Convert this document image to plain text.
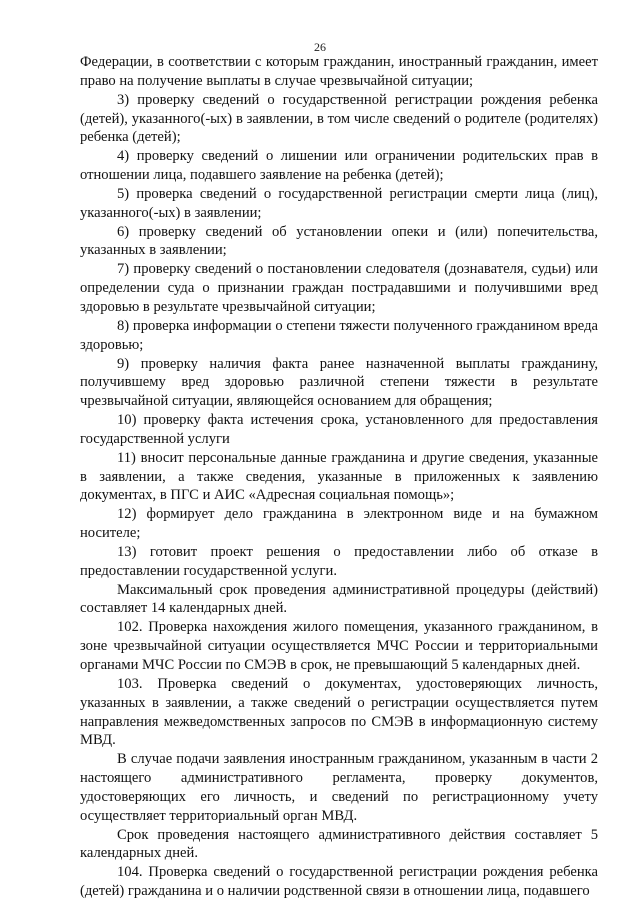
26

Федерации, в соответствии с которым гражданин, иностранный гражданин, имеет право на получение выплаты в случае чрезвычайной ситуации;

3) проверку сведений о государственной регистрации рождения ребенка (детей), указанного(-ых) в заявлении, в том числе сведений о родителе (родителях) ребенка (детей);

4) проверку сведений о лишении или ограничении родительских прав в отношении лица, подавшего заявление на ребенка (детей);

5) проверка сведений о государственной регистрации смерти лица (лиц), указанного(-ых) в заявлении;

6) проверку сведений об установлении опеки и (или) попечительства, указанных в заявлении;

7) проверку сведений о постановлении следователя (дознавателя, судьи) или определении суда о признании граждан пострадавшими и получившими вред здоровью в результате чрезвычайной ситуации;

8) проверка информации о степени тяжести полученного гражданином вреда здоровью;

9) проверку наличия факта ранее назначенной выплаты гражданину, получившему вред здоровью различной степени тяжести в результате чрезвычайной ситуации, являющейся основанием для обращения;

10) проверку факта истечения срока, установленного для предоставления государственной услуги

11) вносит персональные данные гражданина и другие сведения, указанные в заявлении, а также сведения, указанные в приложенных к заявлению документах, в ПГС и АИС «Адресная социальная помощь»;

12) формирует дело гражданина в электронном виде и на бумажном носителе;

13) готовит проект решения о предоставлении либо об отказе в предоставлении государственной услуги.

Максимальный срок проведения административной процедуры (действий) составляет 14 календарных дней.

102. Проверка нахождения жилого помещения, указанного гражданином, в зоне чрезвычайной ситуации осуществляется МЧС России и территориальными органами МЧС России по СМЭВ в срок, не превышающий 5 календарных дней.

103. Проверка сведений о документах, удостоверяющих личность, указанных в заявлении, а также сведений о регистрации осуществляется путем направления межведомственных запросов по СМЭВ в информационную систему МВД.

В случае подачи заявления иностранным гражданином, указанным в части 2 настоящего административного регламента, проверку документов, удостоверяющих его личность, и сведений по регистрационному учету осуществляет территориальный орган МВД.

Срок проведения настоящего административного действия составляет 5 календарных дней.

104. Проверка сведений о государственной регистрации рождения ребенка (детей) гражданина и о наличии родственной связи в отношении лица, подавшего
